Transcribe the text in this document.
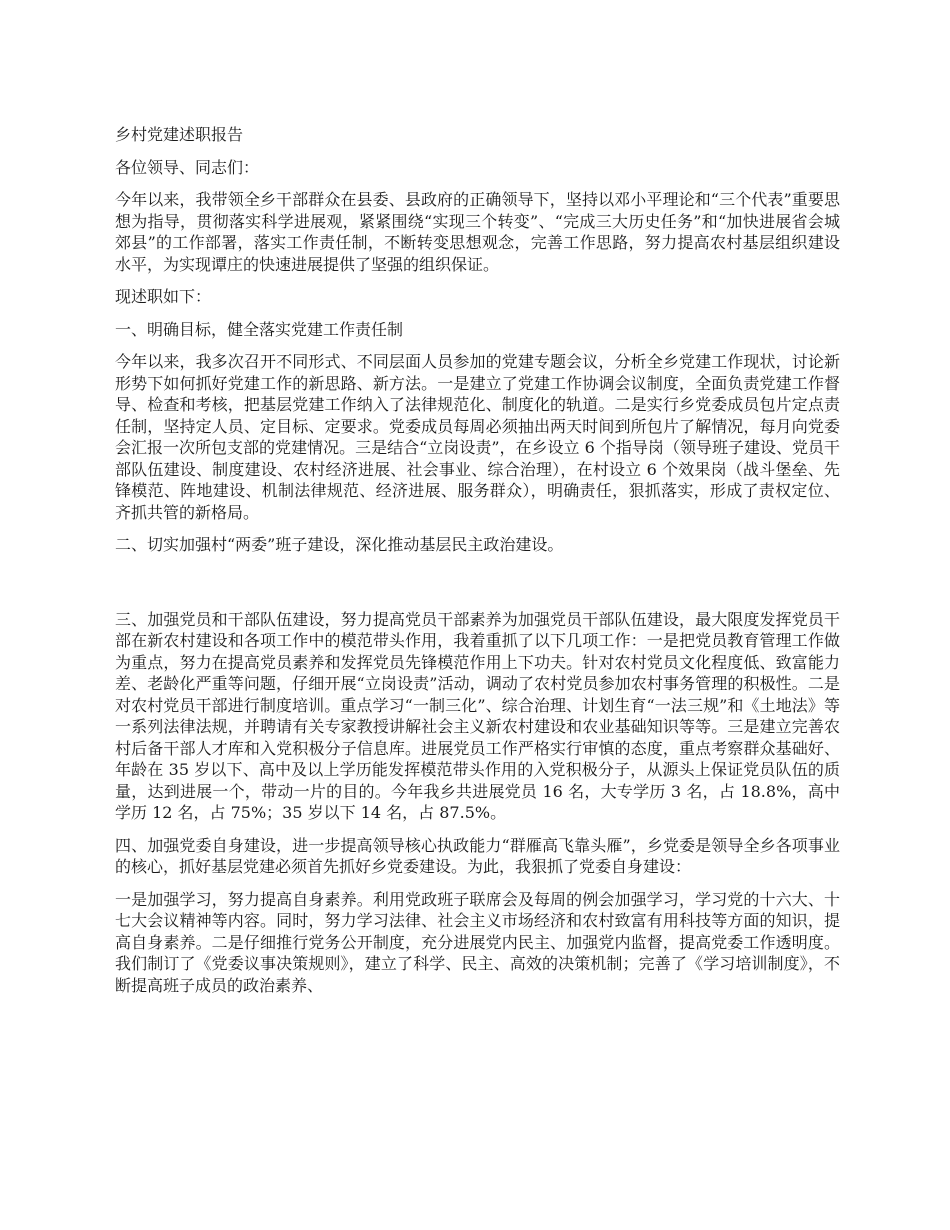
乡村党建述职报告

各位领导、同志们：

今年以来，我带领全乡干部群众在县委、县政府的正确领导下，坚持以邓小平理论和“三个代表”重要思想为指导，贯彻落实科学进展观，紧紧围绕“实现三个转变”、“完成三大历史任务”和“加快进展省会城郊县”的工作部署，落实工作责任制，不断转变思想观念，完善工作思路，努力提高农村基层组织建设水平，为实现谭庄的快速进展提供了坚强的组织保证。

现述职如下：

一、明确目标，健全落实党建工作责任制

今年以来，我多次召开不同形式、不同层面人员参加的党建专题会议，分析全乡党建工作现状，讨论新形势下如何抓好党建工作的新思路、新方法。一是建立了党建工作协调会议制度，全面负责党建工作督导、检查和考核，把基层党建工作纳入了法律规范化、制度化的轨道。二是实行乡党委成员包片定点责任制，坚持定人员、定目标、定要求。党委成员每周必须抽出两天时间到所包片了解情况，每月向党委会汇报一次所包支部的党建情况。三是结合“立岗设责”，在乡设立 6 个指导岗（领导班子建设、党员干部队伍建设、制度建设、农村经济进展、社会事业、综合治理），在村设立 6 个效果岗（战斗堡垒、先锋模范、阵地建设、机制法律规范、经济进展、服务群众），明确责任，狠抓落实，形成了责权定位、齐抓共管的新格局。

二、切实加强村“两委”班子建设，深化推动基层民主政治建设。

三、加强党员和干部队伍建设，努力提高党员干部素养为加强党员干部队伍建设，最大限度发挥党员干部在新农村建设和各项工作中的模范带头作用，我着重抓了以下几项工作：一是把党员教育管理工作做为重点，努力在提高党员素养和发挥党员先锋模范作用上下功夫。针对农村党员文化程度低、致富能力差、老龄化严重等问题，仔细开展“立岗设责”活动，调动了农村党员参加农村事务管理的积极性。二是对农村党员干部进行制度培训。重点学习“一制三化”、综合治理、计划生育“一法三规”和《土地法》等一系列法律法规，并聘请有关专家教授讲解社会主义新农村建设和农业基础知识等等。三是建立完善农村后备干部人才库和入党积极分子信息库。进展党员工作严格实行审慎的态度，重点考察群众基础好、年龄在 35 岁以下、高中及以上学历能发挥模范带头作用的入党积极分子，从源头上保证党员队伍的质量，达到进展一个，带动一片的目的。今年我乡共进展党员 16 名，大专学历 3 名，占 18.8%，高中学历 12 名，占 75%；35 岁以下 14 名，占 87.5%。

四、加强党委自身建设，进一步提高领导核心执政能力“群雁高飞靠头雁”，乡党委是领导全乡各项事业的核心，抓好基层党建必须首先抓好乡党委建设。为此，我狠抓了党委自身建设：

一是加强学习，努力提高自身素养。利用党政班子联席会及每周的例会加强学习，学习党的十六大、十七大会议精神等内容。同时，努力学习法律、社会主义市场经济和农村致富有用科技等方面的知识，提高自身素养。二是仔细推行党务公开制度，充分进展党内民主、加强党内监督，提高党委工作透明度。我们制订了《党委议事决策规则》，建立了科学、民主、高效的决策机制；完善了《学习培训制度》，不断提高班子成员的政治素养、
